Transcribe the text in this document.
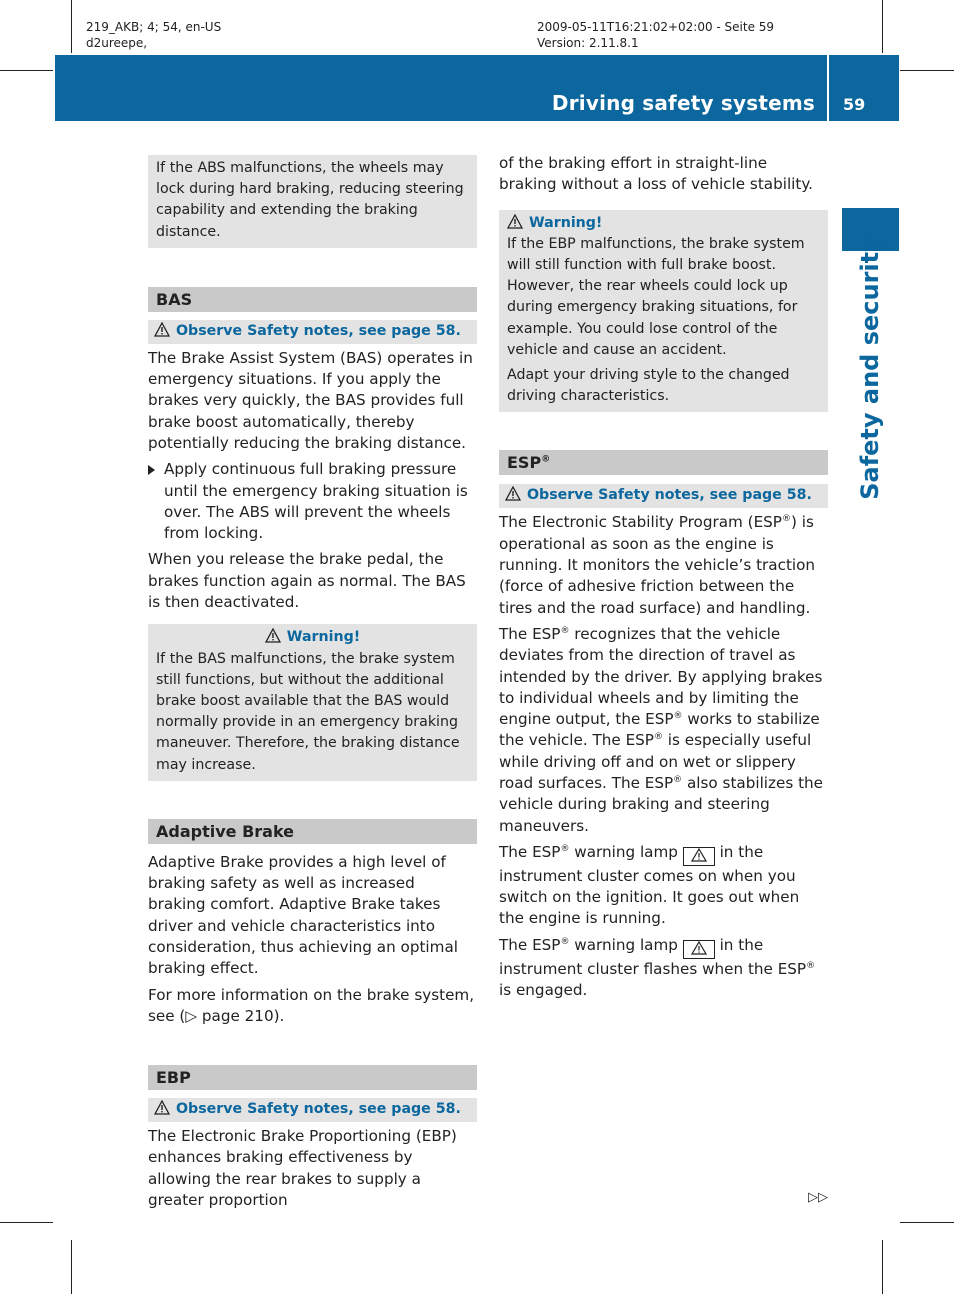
219_AKB; 4; 54, en-US
d2ureepe,
2009-05-11T16:21:02+02:00 - Seite 59
Version: 2.11.8.1
Driving safety systems 59
Safety and security
If the ABS malfunctions, the wheels may lock during hard braking, reducing steering capability and extending the braking distance.
BAS
Observe Safety notes, see page 58.

The Brake Assist System (BAS) operates in emergency situations. If you apply the brakes very quickly, the BAS provides full brake boost automatically, thereby potentially reducing the braking distance.

Apply continuous full braking pressure until the emergency braking situation is over. The ABS will prevent the wheels from locking.

When you release the brake pedal, the brakes function again as normal. The BAS is then deactivated.

Warning!
If the BAS malfunctions, the brake system still functions, but without the additional brake boost available that the BAS would normally provide in an emergency braking maneuver. Therefore, the braking distance may increase.
Adaptive Brake

Adaptive Brake provides a high level of braking safety as well as increased braking comfort. Adaptive Brake takes driver and vehicle characteristics into consideration, thus achieving an optimal braking effect.

For more information on the brake system, see (▷ page 210).

EBP
Observe Safety notes, see page 58.

The Electronic Brake Proportioning (EBP) enhances braking effectiveness by allowing the rear brakes to supply a greater proportion

of the braking effort in straight-line braking without a loss of vehicle stability.

Warning!
If the EBP malfunctions, the brake system will still function with full brake boost. However, the rear wheels could lock up during emergency braking situations, for example. You could lose control of the vehicle and cause an accident.
Adapt your driving style to the changed driving characteristics.
ESP®
Observe Safety notes, see page 58.

The Electronic Stability Program (ESP®) is operational as soon as the engine is running. It monitors the vehicle’s traction (force of adhesive friction between the tires and the road surface) and handling.

The ESP® recognizes that the vehicle deviates from the direction of travel as intended by the driver. By applying brakes to individual wheels and by limiting the engine output, the ESP® works to stabilize the vehicle. The ESP® is especially useful while driving off and on wet or slippery road surfaces. The ESP® also stabilizes the vehicle during braking and steering maneuvers.

The ESP® warning lamp  in the instrument cluster comes on when you switch on the ignition. It goes out when the engine is running.

The ESP® warning lamp  in the instrument cluster flashes when the ESP® is engaged.

▷▷
